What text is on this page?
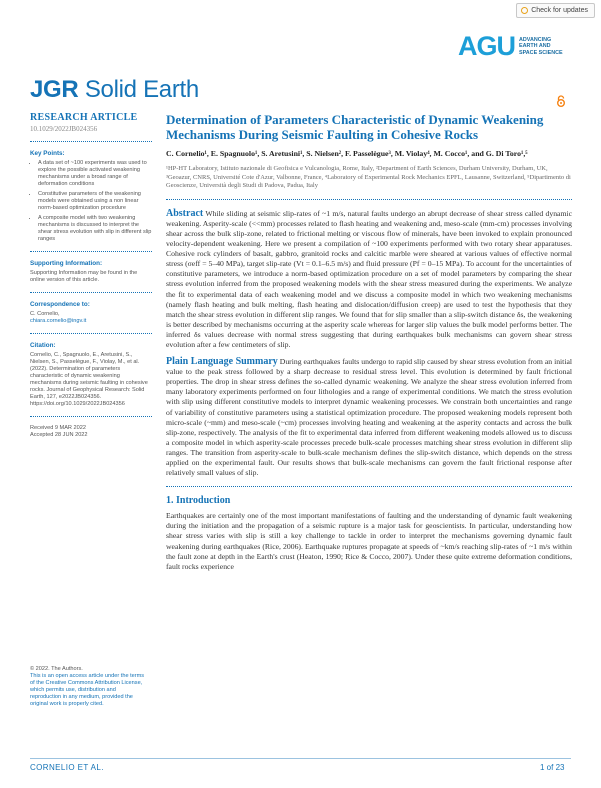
Check for updates
AGU ADVANCING EARTH AND SPACE SCIENCE
JGR Solid Earth
RESEARCH ARTICLE
10.1029/2022JB024356
Key Points:
• A data set of ~100 experiments was used to explore the possible activated weakening mechanisms under a broad range of deformation conditions
• Constitutive parameters of the weakening models were obtained using a non linear norm-based optimization procedure
• A composite model with two weakening mechanisms is discussed to interpret the shear stress evolution with slip in different slip ranges
Supporting Information:
Supporting Information may be found in the online version of this article.
Correspondence to:
C. Cornelio,
chiara.cornelio@ingv.it
Citation:
Cornelio, C., Spagnuolo, E., Aretusini, S., Nielsen, S., Passelègue, F., Violay, M., et al. (2022). Determination of parameters characteristic of dynamic weakening mechanisms during seismic faulting in cohesive rocks. Journal of Geophysical Research: Solid Earth, 127, e2022JB024356. https://doi.org/10.1029/2022JB024356
Received 9 MAR 2022
Accepted 28 JUN 2022
© 2022. The Authors.
This is an open access article under the terms of the Creative Commons Attribution License, which permits use, distribution and reproduction in any medium, provided the original work is properly cited.
Determination of Parameters Characteristic of Dynamic Weakening Mechanisms During Seismic Faulting in Cohesive Rocks
C. Cornelio¹, E. Spagnuolo¹, S. Aretusini¹, S. Nielsen², F. Passelègue³, M. Violay⁴, M. Cocco¹, and G. Di Toro¹,⁵
¹HP-HT Laboratory, Istituto nazionale di Geofisica e Vulcanologia, Rome, Italy, ²Department of Earth Sciences, Durham University, Durham, UK, ³Geoazur, CNRS, Université Cote d'Azur, Valbonne, France, ⁴Laboratory of Experimental Rock Mechanics EPFL, Lausanne, Switzerland, ⁵Dipartimento di Geoscienze, Università degli Studi di Padova, Padua, Italy
Abstract While sliding at seismic slip-rates of ~1 m/s, natural faults undergo an abrupt decrease of shear stress called dynamic weakening. Asperity-scale (<<mm) processes related to flash heating and weakening and, meso-scale (mm-cm) processes involving shear across the bulk slip-zone, related to frictional melting or viscous flow of minerals, have been invoked to explain pronounced velocity-dependent weakening. Here we present a compilation of ~100 experiments performed with two rotary shear apparatuses. Cohesive rock cylinders of basalt, gabbro, granitoid rocks and calcitic marble were sheared at various values of effective normal stress (σeff = 5–40 MPa), target slip-rate (Vt = 0.1–6.5 m/s) and fluid pressure (Pf = 0–15 MPa). To account for the uncertainties of constitutive parameters, we introduce a norm-based optimization procedure on a set of model parameters by comparing the shear stress evolution inferred from the proposed weakening models with the shear stress measured during the experiments. We analyze the fit to experimental data of each weakening model and we discuss a composite model in which two weakening mechanisms (namely flash heating and bulk melting, flash heating and dislocation/diffusion creep) are used to test the hypothesis that they match the shear stress evolution in different slip ranges. We found that for slip smaller than a slip-switch distance δs, the weakening is better described by mechanisms occurring at the asperity scale whereas for larger slip values the bulk model performs better. The inferred δs values decrease with normal stress suggesting that during earthquakes bulk mechanisms can govern shear stress evolution after a few centimeters of slip.
Plain Language Summary During earthquakes faults undergo to rapid slip caused by shear stress evolution from an initial value to the peak stress followed by a sharp decrease to residual stress level. This evolution is determined by fault frictional properties. The drop in shear stress defines the so-called dynamic weakening. We analyze the shear stress evolution inferred from many laboratory experiments performed on four lithologies and a range of experimental conditions. We match the stress evolution with slip using different constitutive models to interpret dynamic weakening processes. We constrain both uncertainties and range of variability of constitutive parameters using a statistical optimization procedure. The proposed weakening models represent both micro-scale (~mm) and meso-scale (~cm) processes involving heating and weakening at the asperity contacts and across the bulk slip-zone, respectively. The analysis of the fit to experimental data inferred from different weakening models allowed us to discuss a composite model in which asperity-scale processes precede bulk-scale processes matching shear stress evolution in different slip ranges. The transition from asperity-scale to bulk-scale mechanism defines the slip-switch distance, which depends on the stress applied on the experimental fault. Our results shows that bulk-scale mechanisms can govern the fault frictional response after relatively small values of slip.
1. Introduction
Earthquakes are certainly one of the most important manifestations of faulting and the understanding of dynamic fault weakening during the initiation and the propagation of a seismic rupture is a major task for geoscientists. In particular, understanding how shear stress varies with slip is still a key challenge to tackle in order to interpret the mechanisms governing dynamic fault weakening during earthquakes (Rice, 2006). Earthquake ruptures propagate at speeds of ~km/s reaching slip-rates of ~1 m/s within the fault zone at depth in the Earth's crust (Heaton, 1990; Rice & Cocco, 2007). Under these quite extreme deformation conditions, fault rocks experience
CORNELIO ET AL.	1 of 23
